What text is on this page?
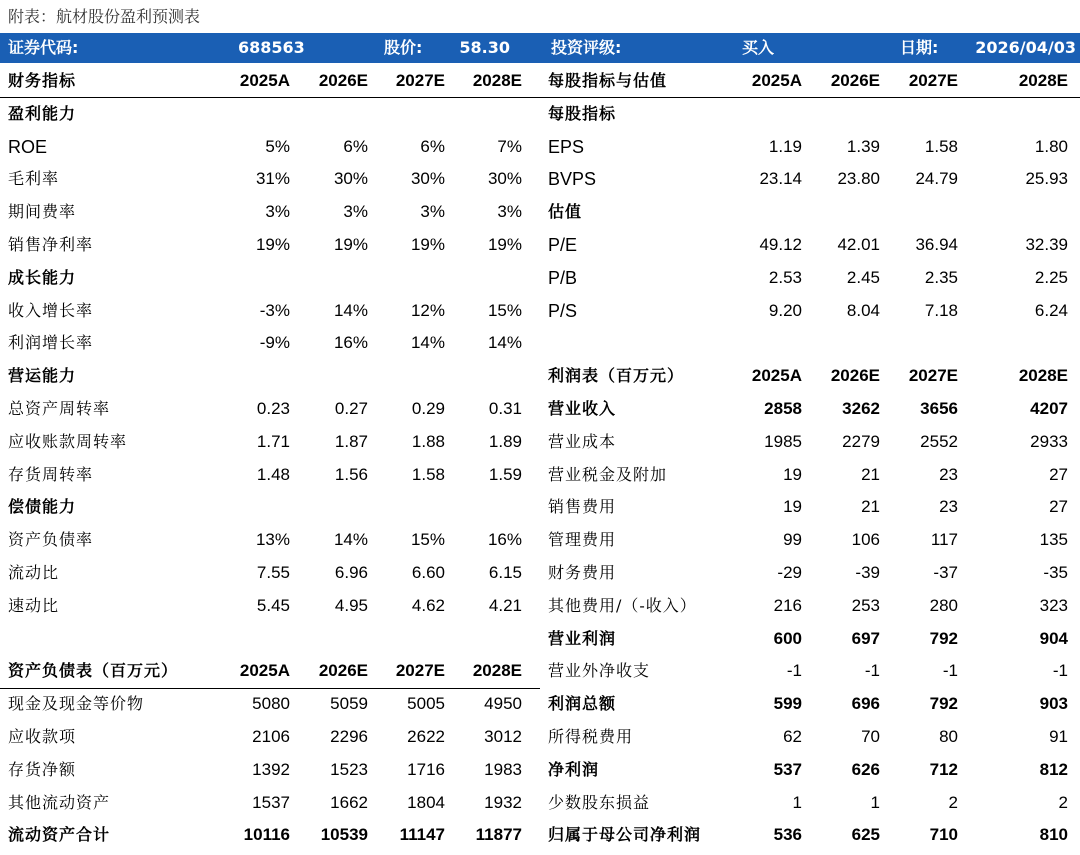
附表：航材股份盈利预测表
证券代码:	688563	股价: 58.30	投资评级:	买入	日期: 2026/04/03
财务指标	2025A 2026E 2027E 2028E
盈利能力
ROE	5%	6%	6%	7%
毛利率	31%	30%	30%	30%
期间费率	3%	3%	3%	3%
销售净利率	19%	19%	19%	19%
成长能力
收入增长率	-3%	14%	12%	15%
利润增长率	-9%	16%	14%	14%
营运能力
总资产周转率	0.23	0.27	0.29	0.31
应收账款周转率	1.71	1.87	1.88	1.89
存货周转率	1.48	1.56	1.58	1.59
偿债能力
资产负债率	13%	14%	15%	16%
流动比	7.55	6.96	6.60	6.15
速动比	5.45	4.95	4.62	4.21
资产负债表（百万元）	2025A 2026E 2027E 2028E
现金及现金等价物	5080 5059 5005 4950
应收款项	2106 2296 2622 3012
存货净额	1392 1523 1716 1983
其他流动资产	1537 1662 1804 1932
流动资产合计	10116 10539 11147 11877
每股指标与估值	2025A 2026E 2027E	2028E
每股指标
EPS	1.19	1.39	1.58	1.80
BVPS	23.14 23.80 24.79	25.93
估值
P/E	49.12 42.01 36.94	32.39
P/B	2.53	2.45	2.35	2.25
P/S	9.20	8.04	7.18	6.24
利润表（百万元）	2025A 2026E 2027E	2028E
营业收入	2858 3262 3656	4207
营业成本	1985 2279 2552	2933
营业税金及附加	19	21	23	27
销售费用	19	21	23	27
管理费用	99	106	117	135
财务费用	-29	-39	-37	-35
其他费用/（-收入）	216	253	280	323
营业利润	600	697	792	904
营业外净收支	-1	-1	-1	-1
利润总额	599	696	792	903
所得税费用	62	70	80	91
净利润	537	626	712	812
少数股东损益	1	1	2	2
归属于母公司净利润	536	625	710	810
